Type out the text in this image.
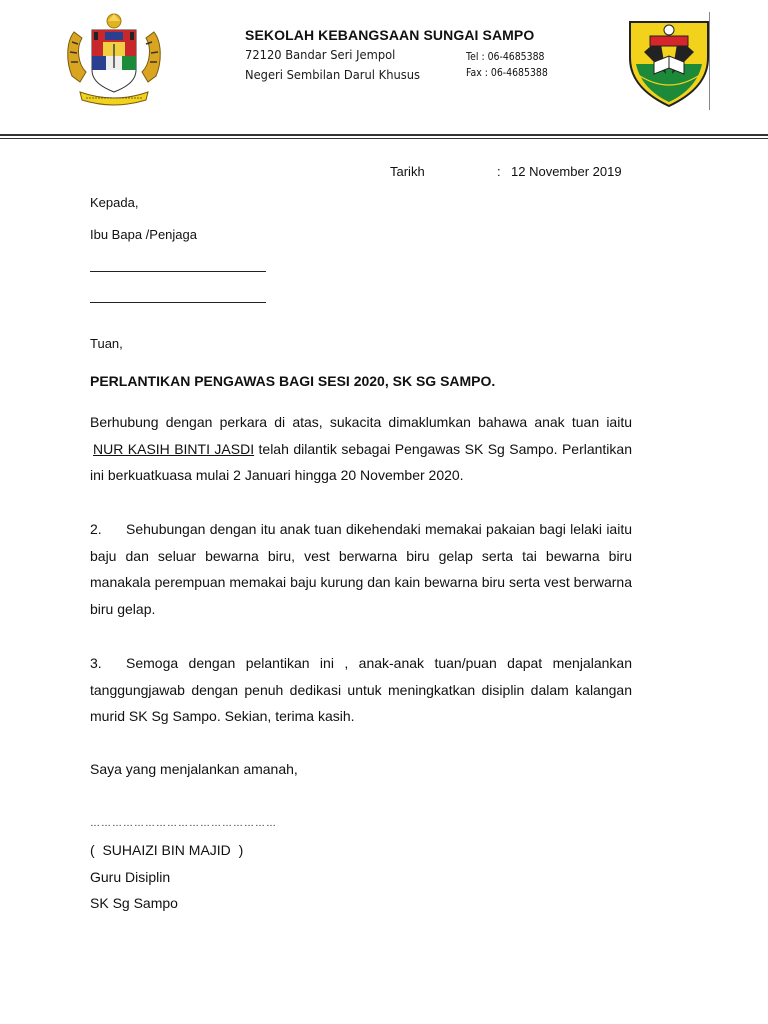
SEKOLAH KEBANGSAAN SUNGAI SAMPO
72120 Bandar Seri Jempol
Negeri Sembilan Darul Khusus
Tel : 06-4685388
Fax : 06-4685388
Tarikh	: 12 November 2019
Kepada,
Ibu Bapa /Penjaga
Tuan,
PERLANTIKAN PENGAWAS BAGI SESI 2020, SK SG SAMPO.
Berhubung dengan perkara di atas, sukacita dimaklumkan bahawa anak tuan iaitu NUR KASIH BINTI JASDI telah dilantik sebagai Pengawas SK Sg Sampo. Perlantikan ini berkuatkuasa mulai 2 Januari hingga 20 November 2020.
2. Sehubungan dengan itu anak tuan dikehendaki memakai pakaian bagi lelaki iaitu baju dan seluar bewarna biru, vest berwarna biru gelap serta tai bewarna biru manakala perempuan memakai baju kurung dan kain bewarna biru serta vest berwarna biru gelap.
3. Semoga dengan pelantikan ini , anak-anak tuan/puan dapat menjalankan tanggungjawab dengan penuh dedikasi untuk meningkatkan disiplin dalam kalangan murid SK Sg Sampo. Sekian, terima kasih.
Saya yang menjalankan amanah,
……………………………………………
(  SUHAIZI BIN MAJID  )
Guru Disiplin
SK Sg Sampo
